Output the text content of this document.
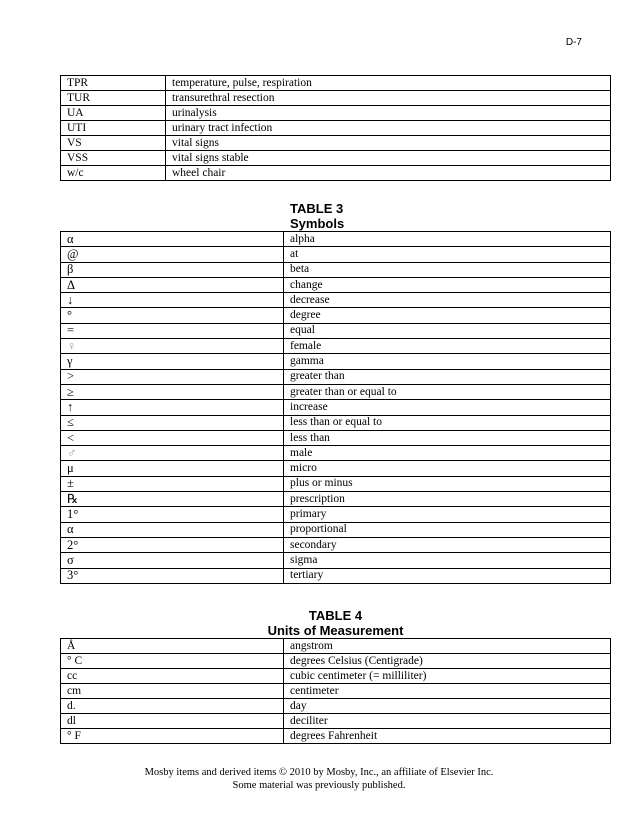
D-7
TPR	temperature, pulse, respiration
TUR	transurethral resection
UA	urinalysis
UTI	urinary tract infection
VS	vital signs
VSS	vital signs stable
w/c	wheel chair
TABLE 3
Symbols
α	alpha
@	at
β	beta
Δ	change
↓	decrease
°	degree
=	equal
♀	female
γ	gamma
>	greater than
≥	greater than or equal to
↑	increase
≤	less than or equal to
<	less than
♂	male
μ	micro
±	plus or minus
℞	prescription
1°	primary
α	proportional
2°	secondary
σ	sigma
3°	tertiary
TABLE 4
Units of Measurement
Å	angstrom
° C	degrees Celsius (Centigrade)
cc	cubic centimeter (= milliliter)
cm	centimeter
d.	day
dl	deciliter
° F	degrees Fahrenheit
Mosby items and derived items © 2010 by Mosby, Inc., an affiliate of Elsevier Inc.
Some material was previously published.
